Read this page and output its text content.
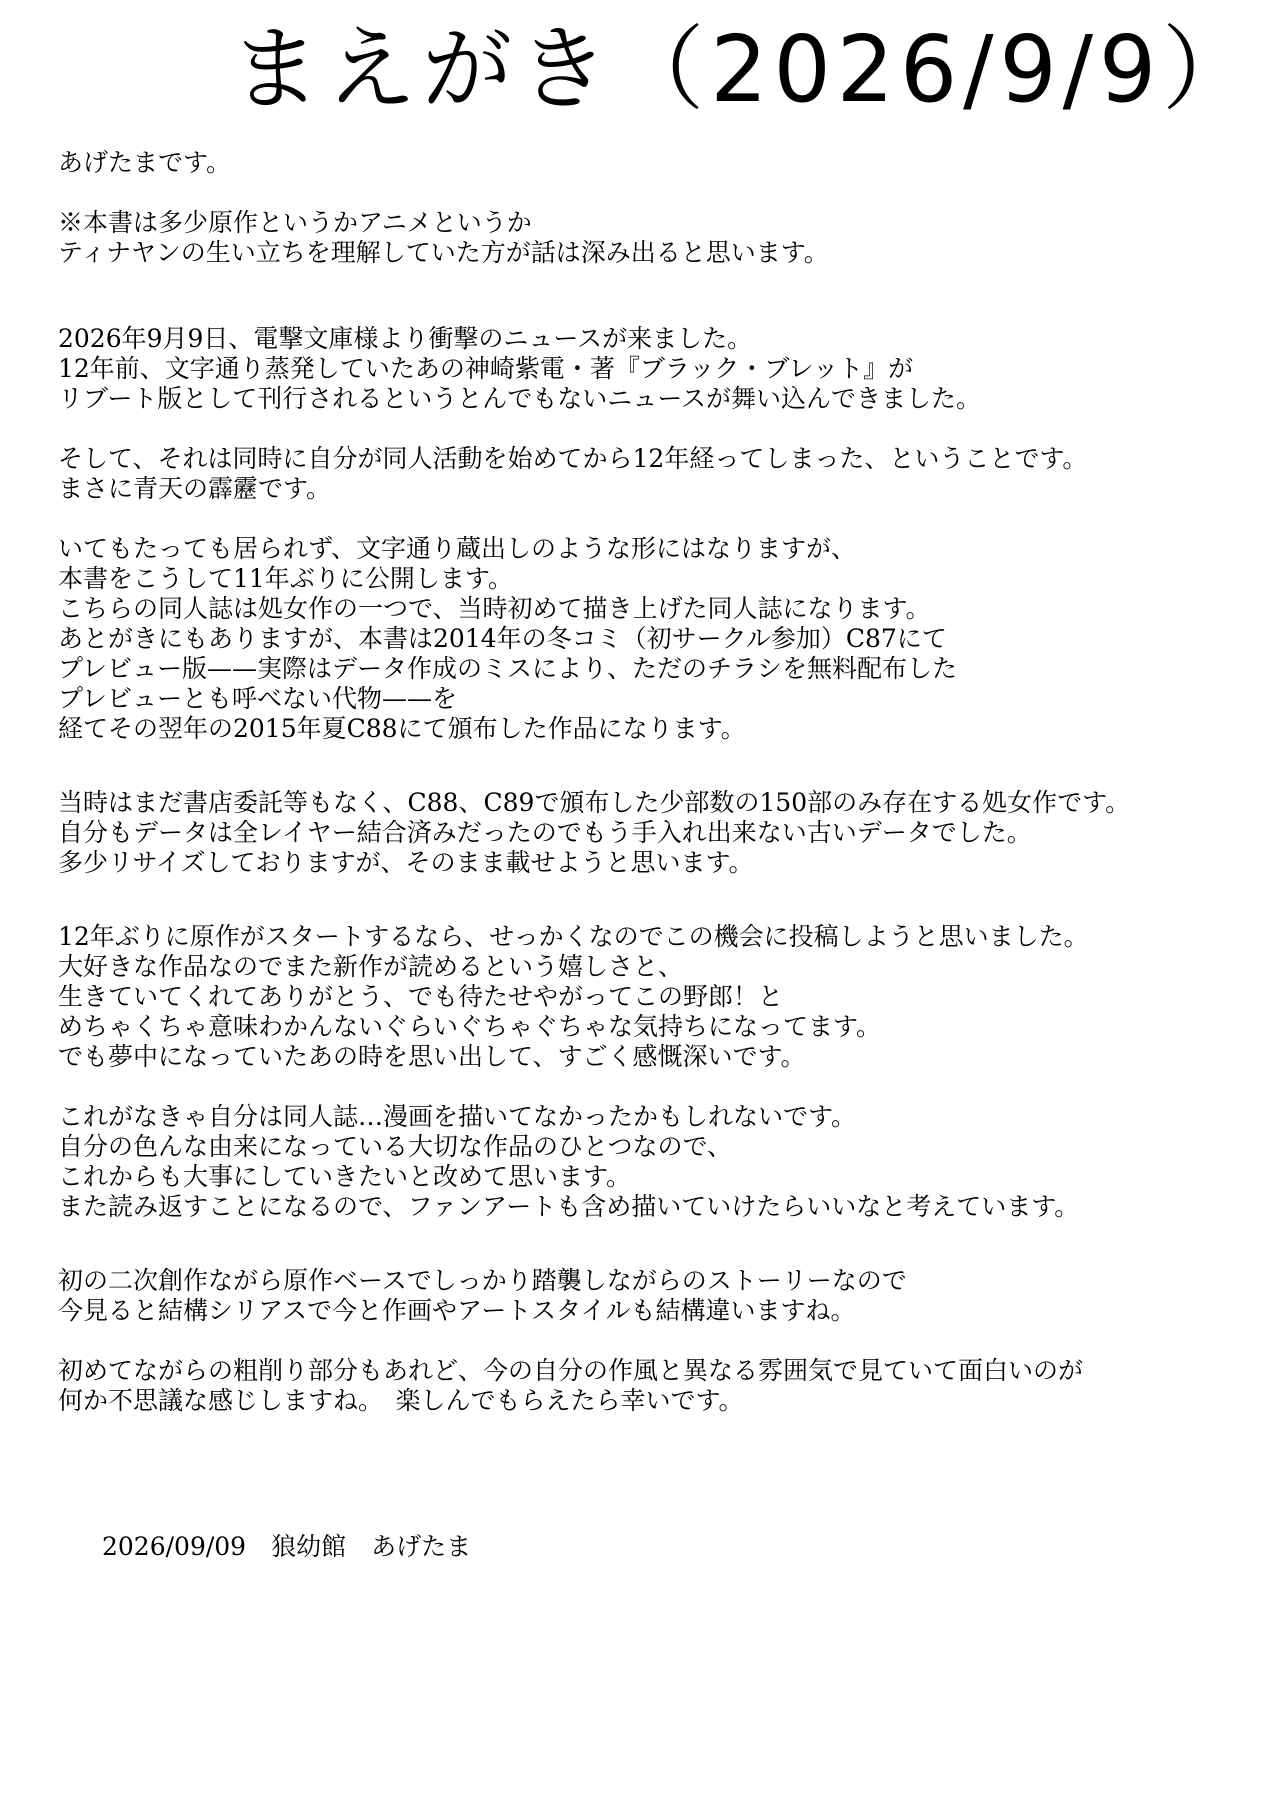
まえがき（2026/9/9）

あげたまです。

※本書は多少原作というかアニメというか
ティナヤンの生い立ちを理解していた方が話は深み出ると思います。

2026年9月9日、電撃文庫様より衝撃のニュースが来ました。
12年前、文字通り蒸発していたあの神崎紫電・著『ブラック・ブレット』が
リブート版として刊行されるというとんでもないニュースが舞い込んできました。

そして、それは同時に自分が同人活動を始めてから12年経ってしまった、ということです。
まさに青天の霹靂です。

いてもたっても居られず、文字通り蔵出しのような形にはなりますが、
本書をこうして11年ぶりに公開します。
こちらの同人誌は処女作の一つで、当時初めて描き上げた同人誌になります。
あとがきにもありますが、本書は2014年の冬コミ（初サークル参加）C87にて
プレビュー版——実際はデータ作成のミスにより、ただのチラシを無料配布した
プレビューとも呼べない代物——を
経てその翌年の2015年夏C88にて頒布した作品になります。

当時はまだ書店委託等もなく、C88、C89で頒布した少部数の150部のみ存在する処女作です。
自分もデータは全レイヤー結合済みだったのでもう手入れ出来ない古いデータでした。
多少リサイズしておりますが、そのまま載せようと思います。

12年ぶりに原作がスタートするなら、せっかくなのでこの機会に投稿しようと思いました。
大好きな作品なのでまた新作が読めるという嬉しさと、
生きていてくれてありがとう、でも待たせやがってこの野郎！と
めちゃくちゃ意味わかんないぐらいぐちゃぐちゃな気持ちになってます。
でも夢中になっていたあの時を思い出して、すごく感慨深いです。

これがなきゃ自分は同人誌…漫画を描いてなかったかもしれないです。
自分の色んな由来になっている大切な作品のひとつなので、
これからも大事にしていきたいと改めて思います。
また読み返すことになるので、ファンアートも含め描いていけたらいいなと考えています。

初の二次創作ながら原作ベースでしっかり踏襲しながらのストーリーなので
今見ると結構シリアスで今と作画やアートスタイルも結構違いますね。

初めてながらの粗削り部分もあれど、今の自分の作風と異なる雰囲気で見ていて面白いのが
何か不思議な感じしますね。　楽しんでもらえたら幸いです。

2026/09/09　狼幼館　あげたま
